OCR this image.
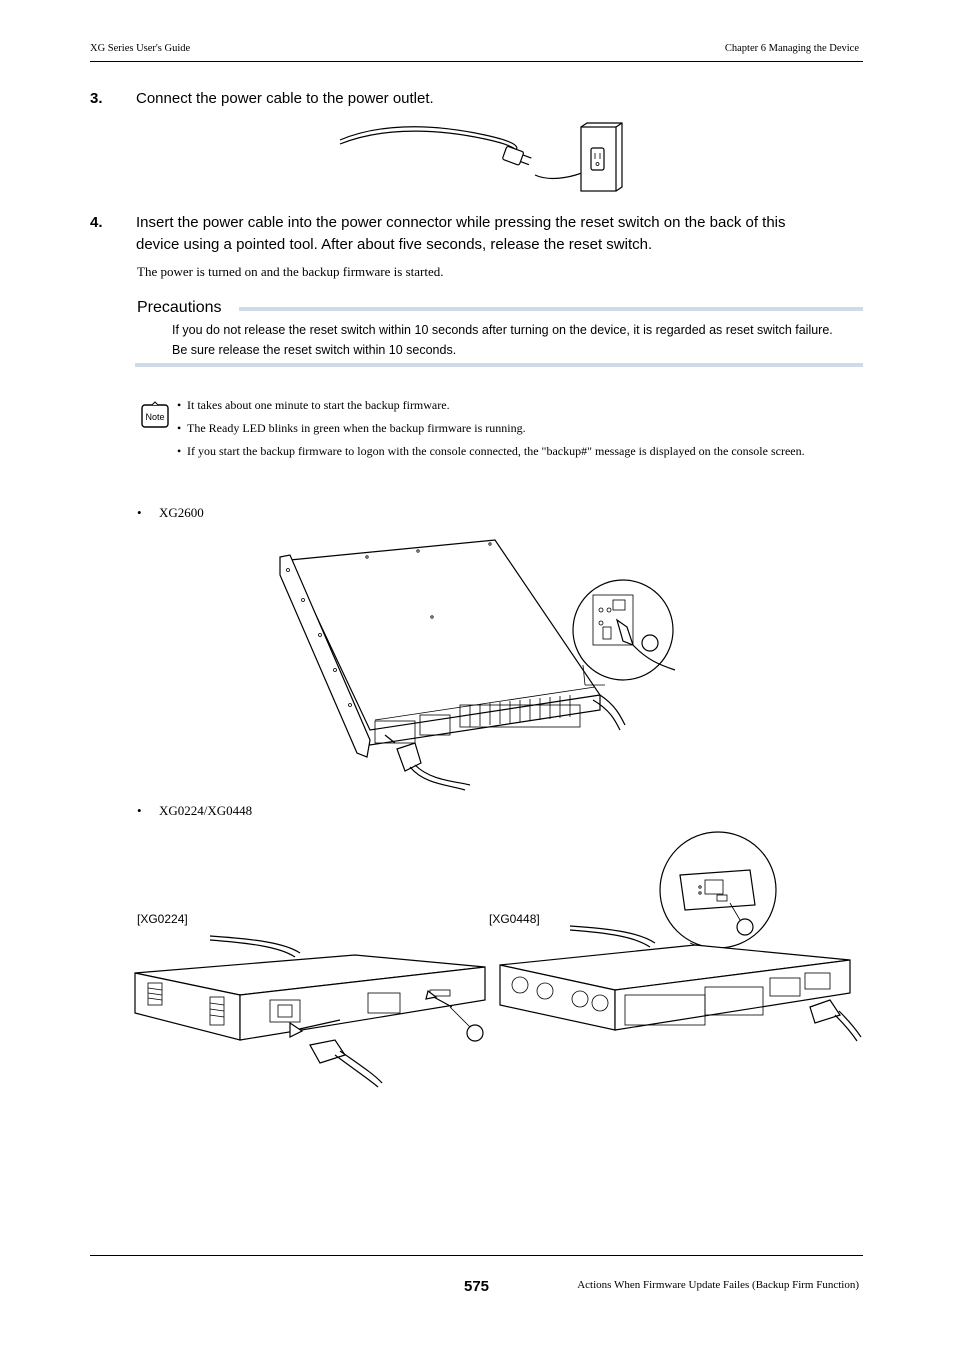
XG Series User's Guide	Chapter 6 Managing the Device
3. Connect the power cable to the power outlet.
4. Insert the power cable into the power connector while pressing the reset switch on the back of this
device using a pointed tool. After about five seconds, release the reset switch.
The power is turned on and the backup firmware is started.
Precautions
If you do not release the reset switch within 10 seconds after turning on the device, it is regarded as reset switch failure.
Be sure release the reset switch within 10 seconds.
Note
• It takes about one minute to start the backup firmware.
• The Ready LED blinks in green when the backup firmware is running.
• If you start the backup firmware to logon with the console connected, the "backup#" message is displayed on the console screen.
• XG2600
• XG0224/XG0448
[XG0224]	[XG0448]
575	Actions When Firmware Update Failes (Backup Firm Function)
